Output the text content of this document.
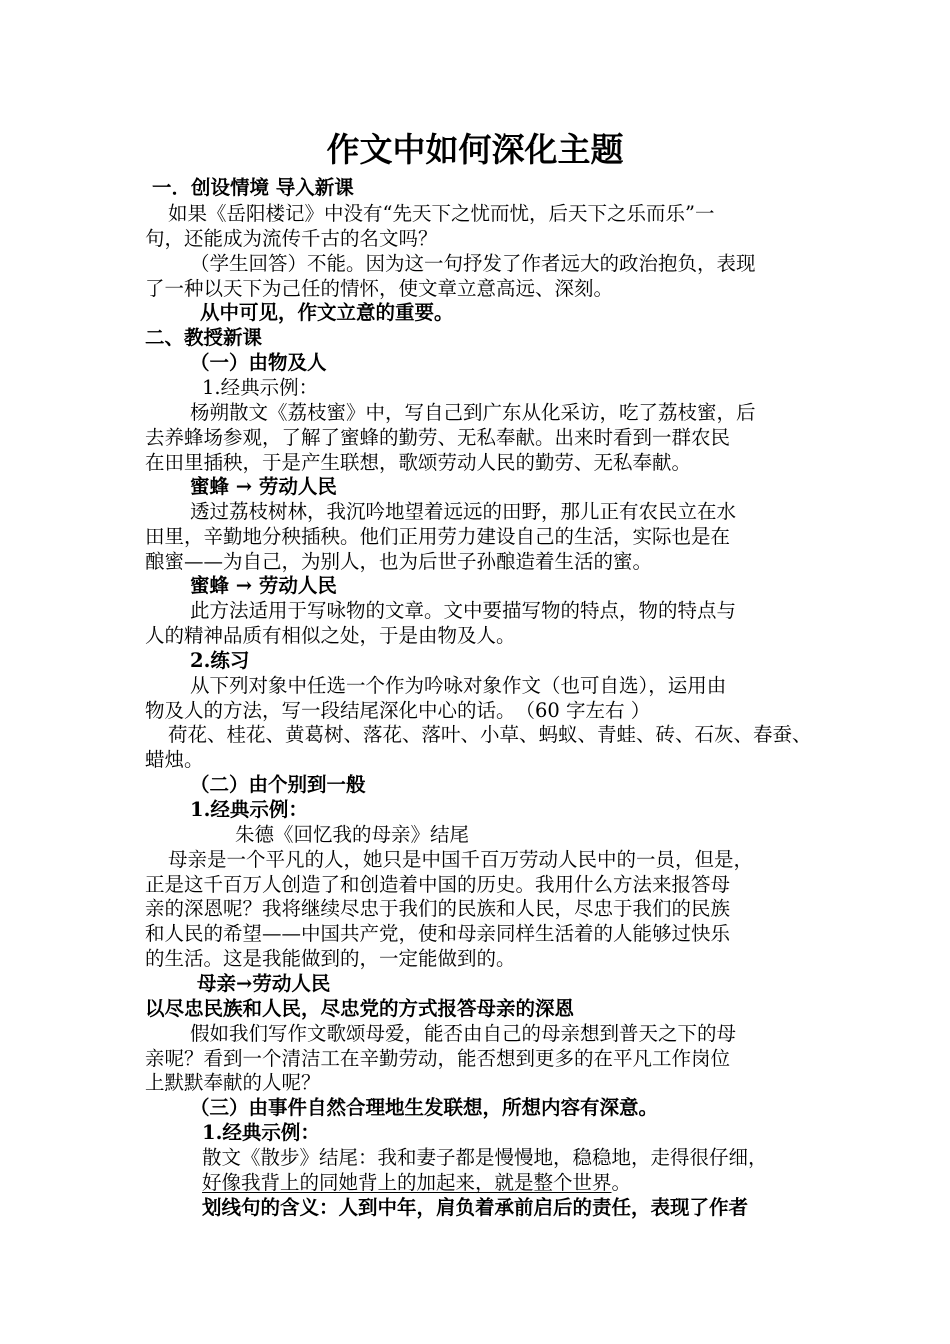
作文中如何深化主题
一．创设情境 导入新课
如果《岳阳楼记》中没有“先天下之忧而忧，后天下之乐而乐”一
句，还能成为流传千古的名文吗？
（学生回答）不能。因为这一句抒发了作者远大的政治抱负，表现
了一种以天下为己任的情怀，使文章立意高远、深刻。
从中可见，作文立意的重要。
二、教授新课
（一）由物及人
1.经典示例：
杨朔散文《荔枝蜜》中，写自己到广东从化采访，吃了荔枝蜜，后
去养蜂场参观，了解了蜜蜂的勤劳、无私奉献。出来时看到一群农民
在田里插秧，于是产生联想，歌颂劳动人民的勤劳、无私奉献。
蜜蜂 → 劳动人民
透过荔枝树林，我沉吟地望着远远的田野，那儿正有农民立在水
田里，辛勤地分秧插秧。他们正用劳力建设自己的生活，实际也是在
酿蜜——为自己，为别人，也为后世子孙酿造着生活的蜜。
蜜蜂 → 劳动人民
此方法适用于写咏物的文章。文中要描写物的特点，物的特点与
人的精神品质有相似之处，于是由物及人。
2.练习
从下列对象中任选一个作为吟咏对象作文（也可自选），运用由
物及人的方法，写一段结尾深化中心的话。　（60 字左右 ）
荷花、桂花、黄葛树、落花、落叶、小草、蚂蚁、青蛙、砖、石灰、春蚕、
蜡烛。
（二）由个别到一般
1.经典示例：
朱德《回忆我的母亲》结尾
母亲是一个平凡的人，她只是中国千百万劳动人民中的一员，但是，
正是这千百万人创造了和创造着中国的历史。我用什么方法来报答母
亲的深恩呢？我将继续尽忠于我们的民族和人民，尽忠于我们的民族
和人民的希望——中国共产党，使和母亲同样生活着的人能够过快乐
的生活。这是我能做到的，一定能做到的。
母亲→劳动人民
以尽忠民族和人民，尽忠党的方式报答母亲的深恩
假如我们写作文歌颂母爱，能否由自己的母亲想到普天之下的母
亲呢？看到一个清洁工在辛勤劳动，能否想到更多的在平凡工作岗位
上默默奉献的人呢？
（三）由事件自然合理地生发联想，所想内容有深意。
1.经典示例：
散文《散步》结尾：我和妻子都是慢慢地，稳稳地，走得很仔细，
好像我背上的同她背上的加起来，就是整个世界。
划线句的含义：人到中年，肩负着承前启后的责任，表现了作者
